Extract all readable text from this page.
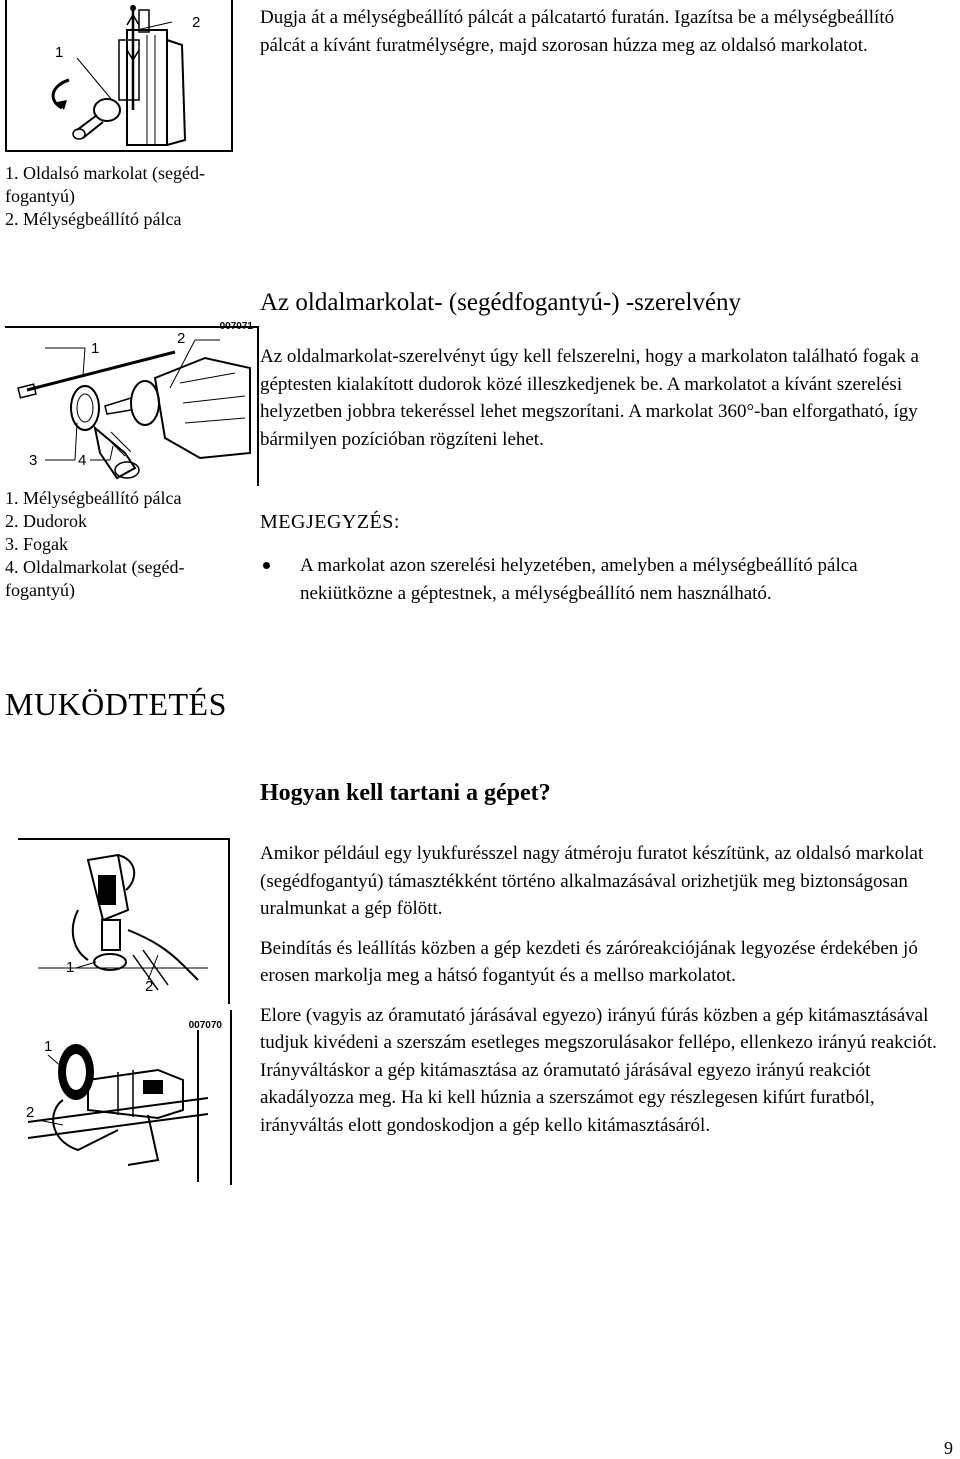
Dugja át a mélységbeállító pálcát a pálcatartó furatán. Igazítsa be a mélységbeállító pálcát a kívánt furatmélységre, majd szorosan húzza meg az oldalsó markolatot.

1
2
1. Oldalsó markolat (segéd-
fogantyú)
2. Mélységbeállító pálca
Az oldalmarkolat- (segédfogantyú-) -szerelvény
007071
1
2
3	4
1. Mélységbeállító pálca
2. Dudorok
3. Fogak
4. Oldalmarkolat (segéd-
fogantyú)

Az oldalmarkolat-szerelvényt úgy kell felszerelni, hogy a markolaton található fogak a géptesten kialakított dudorok közé illeszkedjenek be. A markolatot a kívánt szerelési helyzetben jobbra tekeréssel lehet megszorítani. A markolat 360°-ban elforgatható, így bármilyen pozícióban rögzíteni lehet.

MEGJEGYZÉS:

A markolat azon szerelési helyzetében, amelyben a mélységbeállító pálca nekiütközne a géptestnek, a mélységbeállító nem használható.

MUKÖDTETÉS
Hogyan kell tartani a gépet?
1
2
007070
1
2

Amikor például egy lyukfurésszel nagy átméroju furatot készítünk, az oldalsó markolat (segédfogantyú) támasztékként történo alkalmazásával orizhetjük meg biztonságosan uralmunkat a gép fölött.

Beindítás és leállítás közben a gép kezdeti és záróreakciójának legyozése érdekében jó erosen markolja meg a hátsó fogantyút és a mellso markolatot.

Elore (vagyis az óramutató járásával egyezo) irányú fúrás közben a gép kitámasztásával tudjuk kivédeni a szerszám esetleges megszorulásakor fellépo, ellenkezo irányú reakciót. Irányváltáskor a gép kitámasztása az óramutató járásával egyezo irányú reakciót akadályozza meg. Ha ki kell húznia a szerszámot egy részlegesen kifúrt furatból, irányváltás elott gondoskodjon a gép kello kitámasztásáról.

9
